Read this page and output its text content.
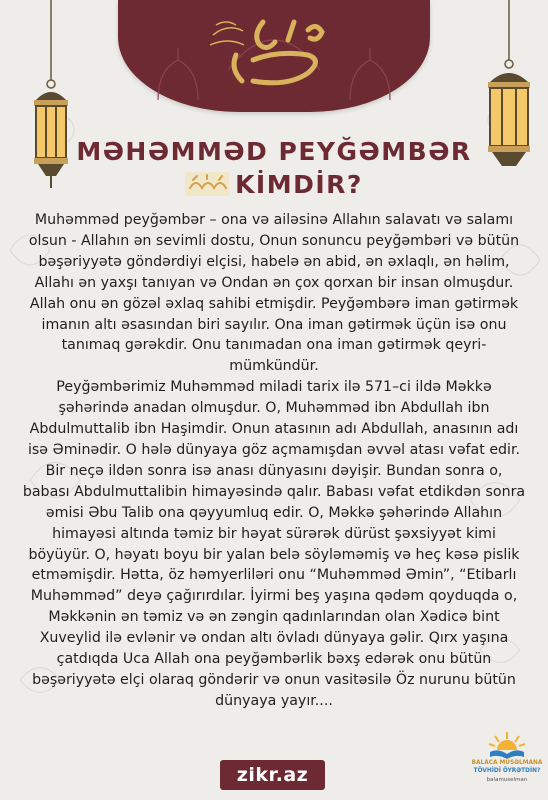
MƏHƏMMƏD PEYĞƏMBƏR
KİMDİR?

Muhəmməd peyğəmbər – ona və ailəsinə Allahın salavatı və salamı olsun - Allahın ən sevimli dostu, Onun sonuncu peyğəmbəri və bütün bəşəriyyətə göndərdiyi elçisi, habelə ən abid, ən əxlaqlı, ən həlim, Allahı ən yaxşı tanıyan və Ondan ən çox qorxan bir insan olmuşdur. Allah onu ən gözəl əxlaq sahibi etmişdir. Peyğəmbərə iman gətirmək imanın altı əsasından biri sayılır. Ona iman gətirmək üçün isə onu tanımaq gərəkdir. Onu tanımadan ona iman gətirmək qeyri-mümkündür.

Peyğəmbərimiz Muhəmməd miladi tarix ilə 571–ci ildə Məkkə şəhərində anadan olmuşdur. O, Muhəmməd ibn Abdullah ibn Abdulmuttalib ibn Haşimdir. Onun atasının adı Abdullah, anasının adı isə Əminədir. O hələ dünyaya göz açmamışdan əvvəl atası vəfat edir. Bir neçə ildən sonra isə anası dünyasını dəyişir. Bundan sonra o, babası Abdulmuttalibin himayəsində qalır. Babası vəfat etdikdən sonra əmisi Əbu Talib ona qəyyumluq edir. O, Məkkə şəhərində Allahın himayəsi altında təmiz bir həyat sürərək dürüst şəxsiyyət kimi böyüyür. O, həyatı boyu bir yalan belə söyləməmiş və heç kəsə pislik etməmişdir. Hətta, öz həmyerliləri onu “Muhəmməd Əmin”, “Etibarlı Muhəmməd” deyə çağırırdılar. İyirmi beş yaşına qədəm qoyduqda o, Məkkənin ən təmiz və ən zəngin qadınlarından olan Xədicə bint Xuveylid ilə evlənir və ondan altı övladı dünyaya gəlir. Qırx yaşına çatdıqda Uca Allah ona peyğəmbərlik bəxş edərək onu bütün bəşəriyyətə elçi olaraq göndərir və onun vasitəsilə Öz nurunu bütün dünyaya yayır....

zikr.az
BALACA MÜSƏLMANA
TÖVHİDİ ÖYRƏTDİN?
balamuselman
